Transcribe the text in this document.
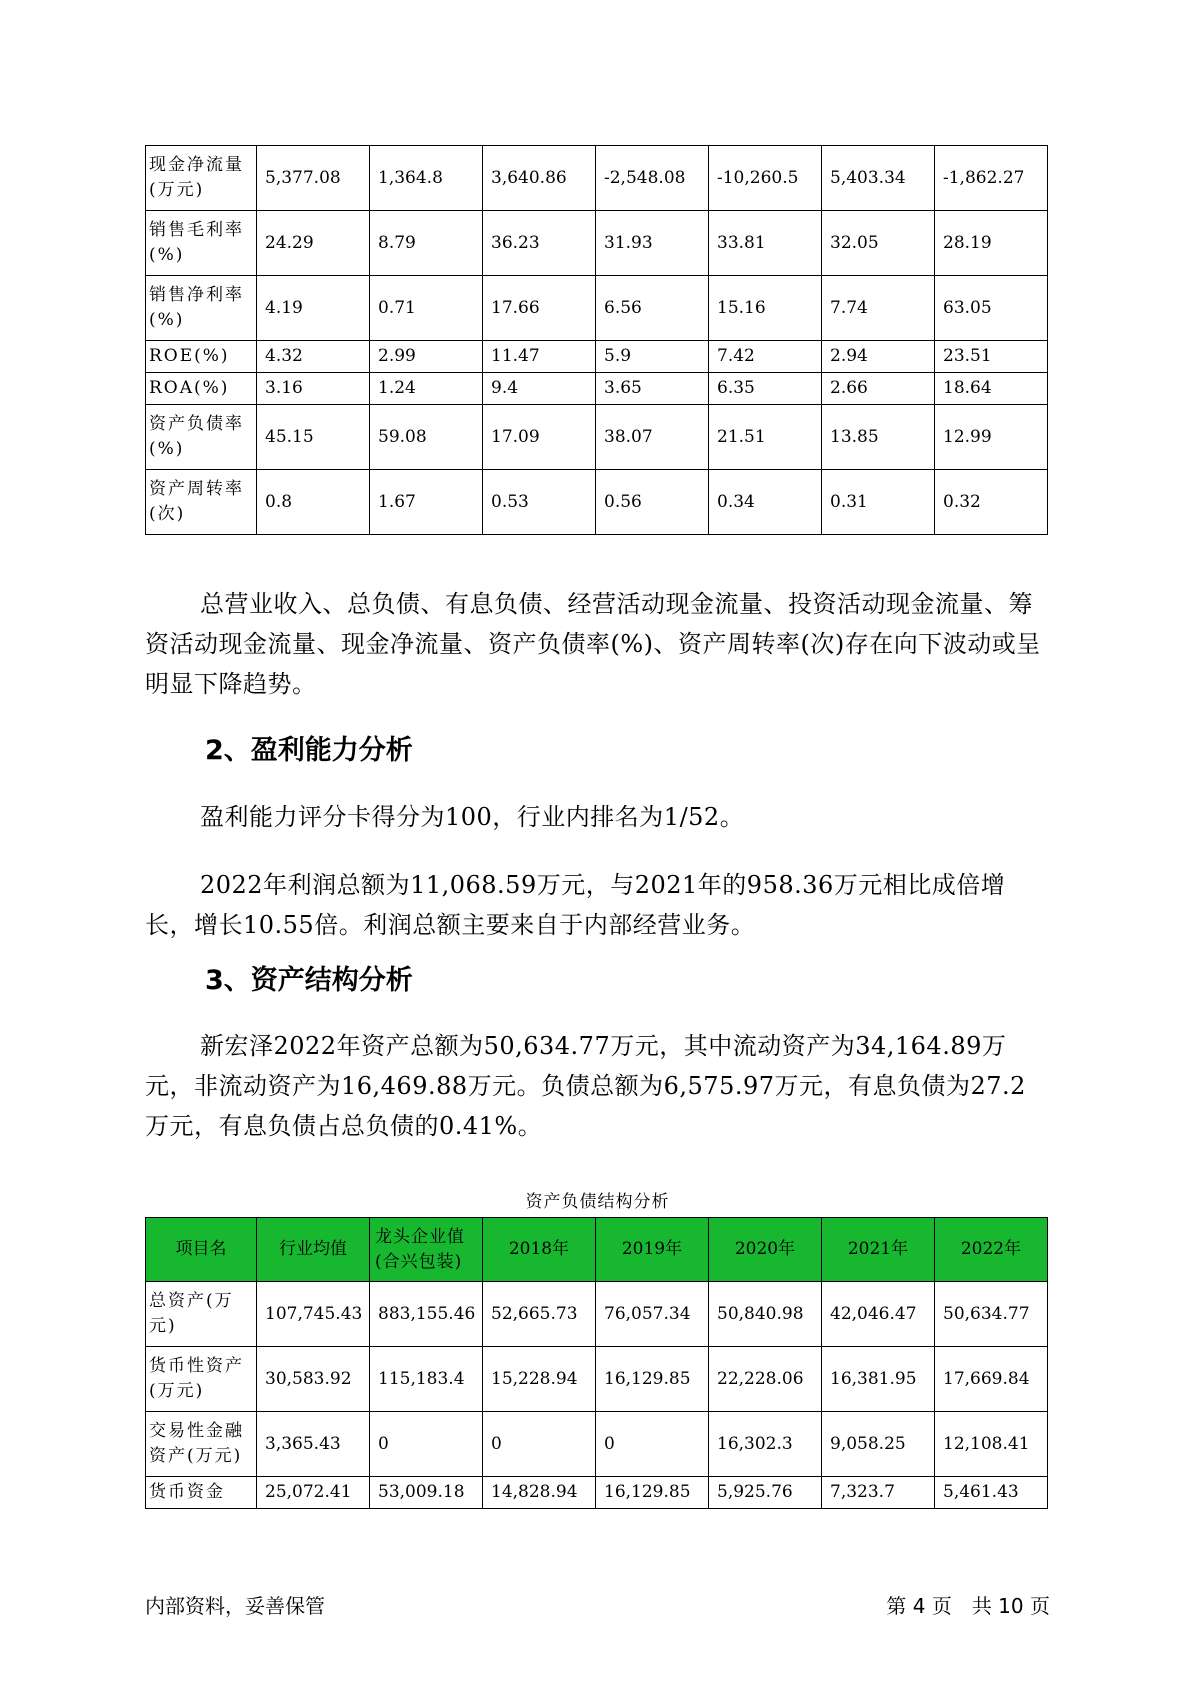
现金净流量(万元)	5,377.08	1,364.8	3,640.86	-2,548.08	-10,260.5	5,403.34	-1,862.27
销售毛利率(%)	24.29	8.79	36.23	31.93	33.81	32.05	28.19
销售净利率(%)	4.19	0.71	17.66	6.56	15.16	7.74	63.05
ROE(%)	4.32	2.99	11.47	5.9	7.42	2.94	23.51
ROA(%)	3.16	1.24	9.4	3.65	6.35	2.66	18.64
资产负债率(%)	45.15	59.08	17.09	38.07	21.51	13.85	12.99
资产周转率(次)	0.8	1.67	0.53	0.56	0.34	0.31	0.32

总营业收入、总负债、有息负债、经营活动现金流量、投资活动现金流量、筹资活动现金流量、现金净流量、资产负债率(%)、资产周转率(次)存在向下波动或呈明显下降趋势。

2、盈利能力分析

盈利能力评分卡得分为100，行业内排名为1/52。

2022年利润总额为11,068.59万元，与2021年的958.36万元相比成倍增长，增长10.55倍。利润总额主要来自于内部经营业务。

3、资产结构分析

新宏泽2022年资产总额为50,634.77万元，其中流动资产为34,164.89万元，非流动资产为16,469.88万元。负债总额为6,575.97万元，有息负债为27.2万元，有息负债占总负债的0.41%。

资产负债结构分析
项目名	行业均值	龙头企业值(合兴包装)	2018年	2019年	2020年	2021年	2022年
总资产(万元)	107,745.43	883,155.46	52,665.73	76,057.34	50,840.98	42,046.47	50,634.77
货币性资产(万元)	30,583.92	115,183.4	15,228.94	16,129.85	22,228.06	16,381.95	17,669.84
交易性金融资产(万元)	3,365.43	0	0	0	16,302.3	9,058.25	12,108.41
货币资金	25,072.41	53,009.18	14,828.94	16,129.85	5,925.76	7,323.7	5,461.43
内部资料，妥善保管	第 4 页　共 10 页
